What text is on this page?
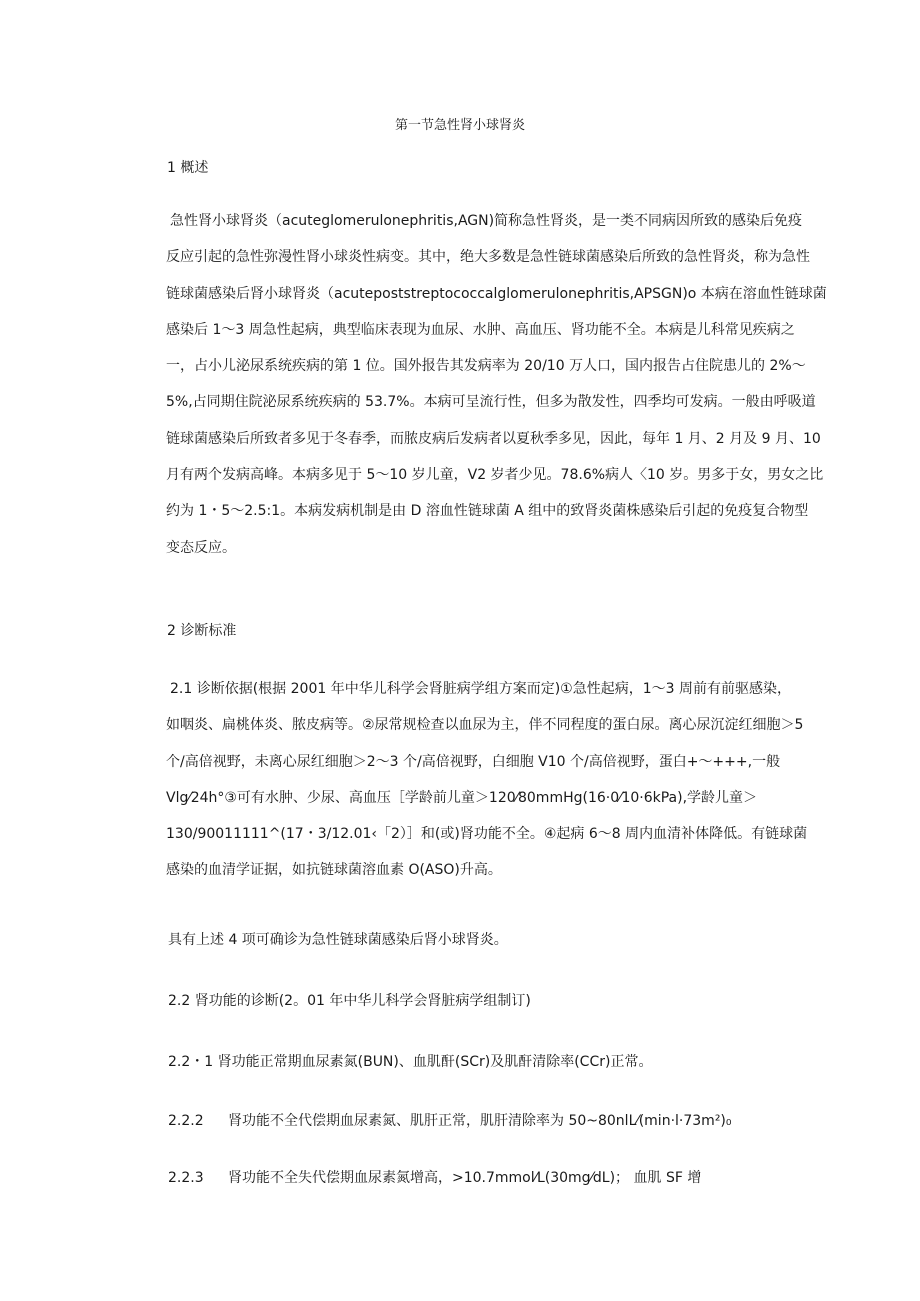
第一节急性肾小球肾炎
1 概述
急性肾小球肾炎（acuteglomerulonephritis,AGN)简称急性肾炎，是一类不同病因所致的感染后免疫
反应引起的急性弥漫性肾小球炎性病变。其中，绝大多数是急性链球菌感染后所致的急性肾炎，称为急性
链球菌感染后肾小球肾炎（acutepoststreptococcalglomerulonephritis,APSGN)o 本病在溶血性链球菌
感染后 1～3 周急性起病，典型临床表现为血尿、水肿、高血压、肾功能不全。本病是儿科常见疾病之
一，占小儿泌尿系统疾病的第 1 位。国外报告其发病率为 20/10 万人口，国内报告占住院患儿的 2%～
5%,占同期住院泌尿系统疾病的 53.7%。本病可呈流行性，但多为散发性，四季均可发病。一般由呼吸道
链球菌感染后所致者多见于冬春季，而脓皮病后发病者以夏秋季多见，因此，每年 1 月、2 月及 9 月、10
月有两个发病高峰。本病多见于 5～10 岁儿童，V2 岁者少见。78.6%病人〈10 岁。男多于女，男女之比
约为 1・5～2.5:1。本病发病机制是由 D 溶血性链球菌 A 组中的致肾炎菌株感染后引起的免疫复合物型
变态反应。
2 诊断标准
2.1 诊断依据(根据 2001 年中华儿科学会肾脏病学组方案而定)①急性起病，1～3 周前有前驱感染，
如咽炎、扁桃体炎、脓皮病等。②尿常规检查以血尿为主，伴不同程度的蛋白尿。离心尿沉淀红细胞＞5
个/高倍视野，未离心尿红细胞＞2～3 个/高倍视野，白细胞 V10 个/高倍视野，蛋白+～+++,一般
Vlg⁄24h°③可有水肿、少尿、高血压［学龄前儿童＞120⁄80mmHg(16·0⁄10·6kPa),学龄儿童＞
130/90011111^(17・3/12.01‹「2）］和(或)肾功能不全。④起病 6～8 周内血清补体降低。有链球菌
感染的血清学证据，如抗链球菌溶血素 O(ASO)升高。
具有上述 4 项可确诊为急性链球菌感染后肾小球肾炎。
2.2 肾功能的诊断(2。01 年中华儿科学会肾脏病学组制订)
2.2・1 肾功能正常期血尿素氮(BUN)、血肌酐(SCr)及肌酐清除率(CCr)正常。
2.2.2 肾功能不全代偿期血尿素氮、肌肝正常，肌肝清除率为 50~80nlL⁄(min·l·73m²)₀
2.2.3 肾功能不全失代偿期血尿素氮增高，>10.7mmol⁄L(30mg⁄dL)； 血肌 SF 增
